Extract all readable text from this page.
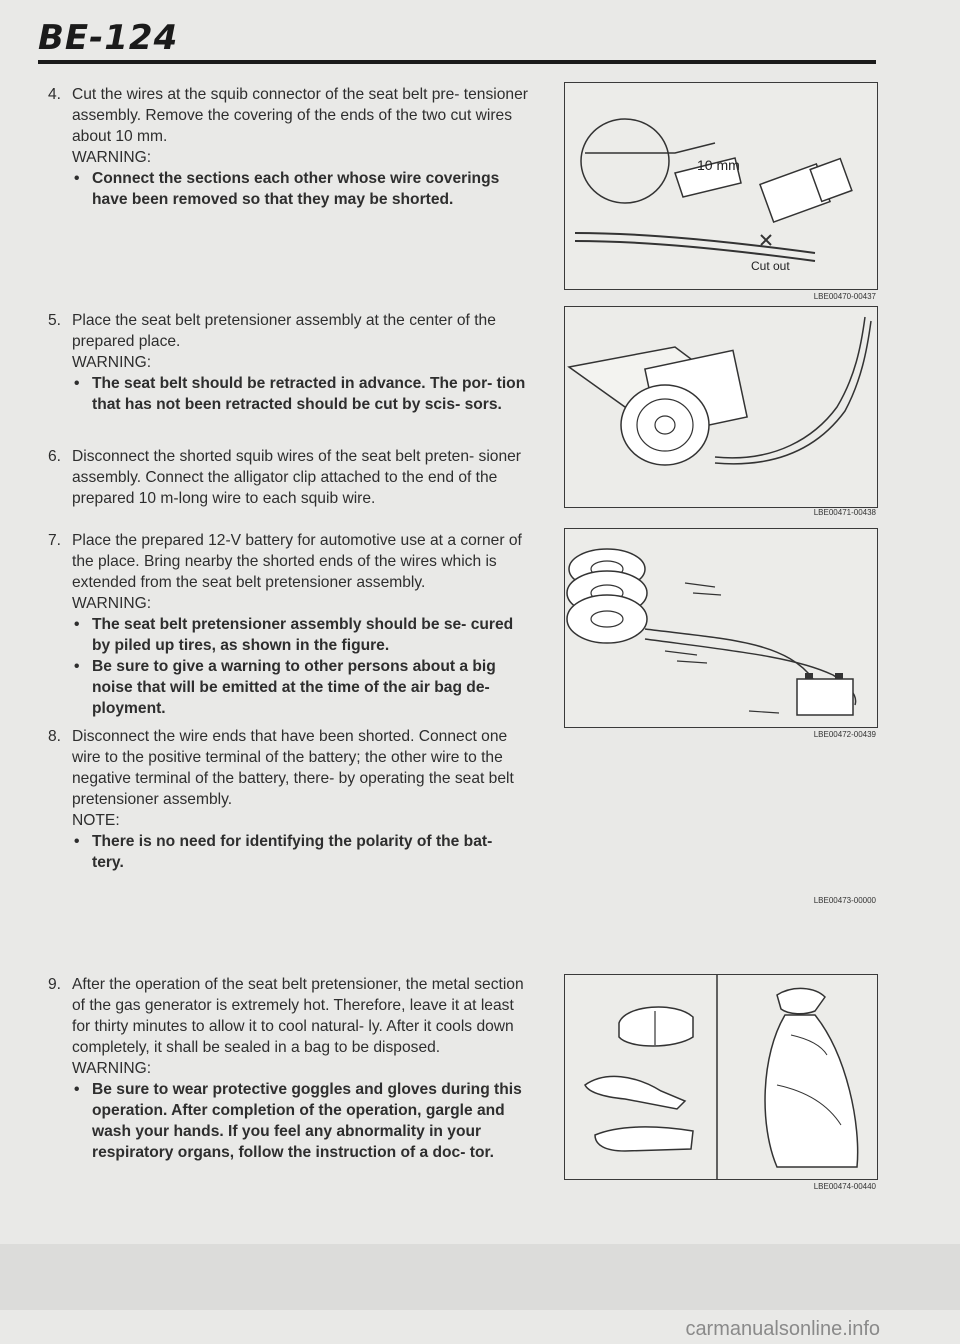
BE-124
4. Cut the wires at the squib connector of the seat belt pre- tensioner assembly. Remove the covering of the ends of the two cut wires about 10 mm.
WARNING:
• Connect the sections each other whose wire coverings have been removed so that they may be shorted.
5. Place the seat belt pretensioner assembly at the center of the prepared place.
WARNING:
• The seat belt should be retracted in advance. The por- tion that has not been retracted should be cut by scis- sors.
6. Disconnect the shorted squib wires of the seat belt preten- sioner assembly. Connect the alligator clip attached to the end of the prepared 10 m-long wire to each squib wire.
7. Place the prepared 12-V battery for automotive use at a corner of the place. Bring nearby the shorted ends of the wires which is extended from the seat belt pretensioner assembly.
WARNING:
• The seat belt pretensioner assembly should be se- cured by piled up tires, as shown in the figure.
• Be sure to give a warning to other persons about a big noise that will be emitted at the time of the air bag de- ployment.
8. Disconnect the wire ends that have been shorted. Connect one wire to the positive terminal of the battery; the other wire to the negative terminal of the battery, there- by operating the seat belt pretensioner assembly.
NOTE:
• There is no need for identifying the polarity of the bat- tery.
9. After the operation of the seat belt pretensioner, the metal section of the gas generator is extremely hot. Therefore, leave it at least for thirty minutes to allow it to cool natural- ly. After it cools down completely, it shall be sealed in a bag to be disposed.
WARNING:
• Be sure to wear protective goggles and gloves during this operation. After completion of the operation, gargle and wash your hands. If you feel any abnormality in your respiratory organs, follow the instruction of a doc- tor.
10 mm
Cut out
LBE00470-00437
LBE00471-00438
LBE00472-00439
LBE00473-00000
LBE00474-00440
carmanualsonline.info
